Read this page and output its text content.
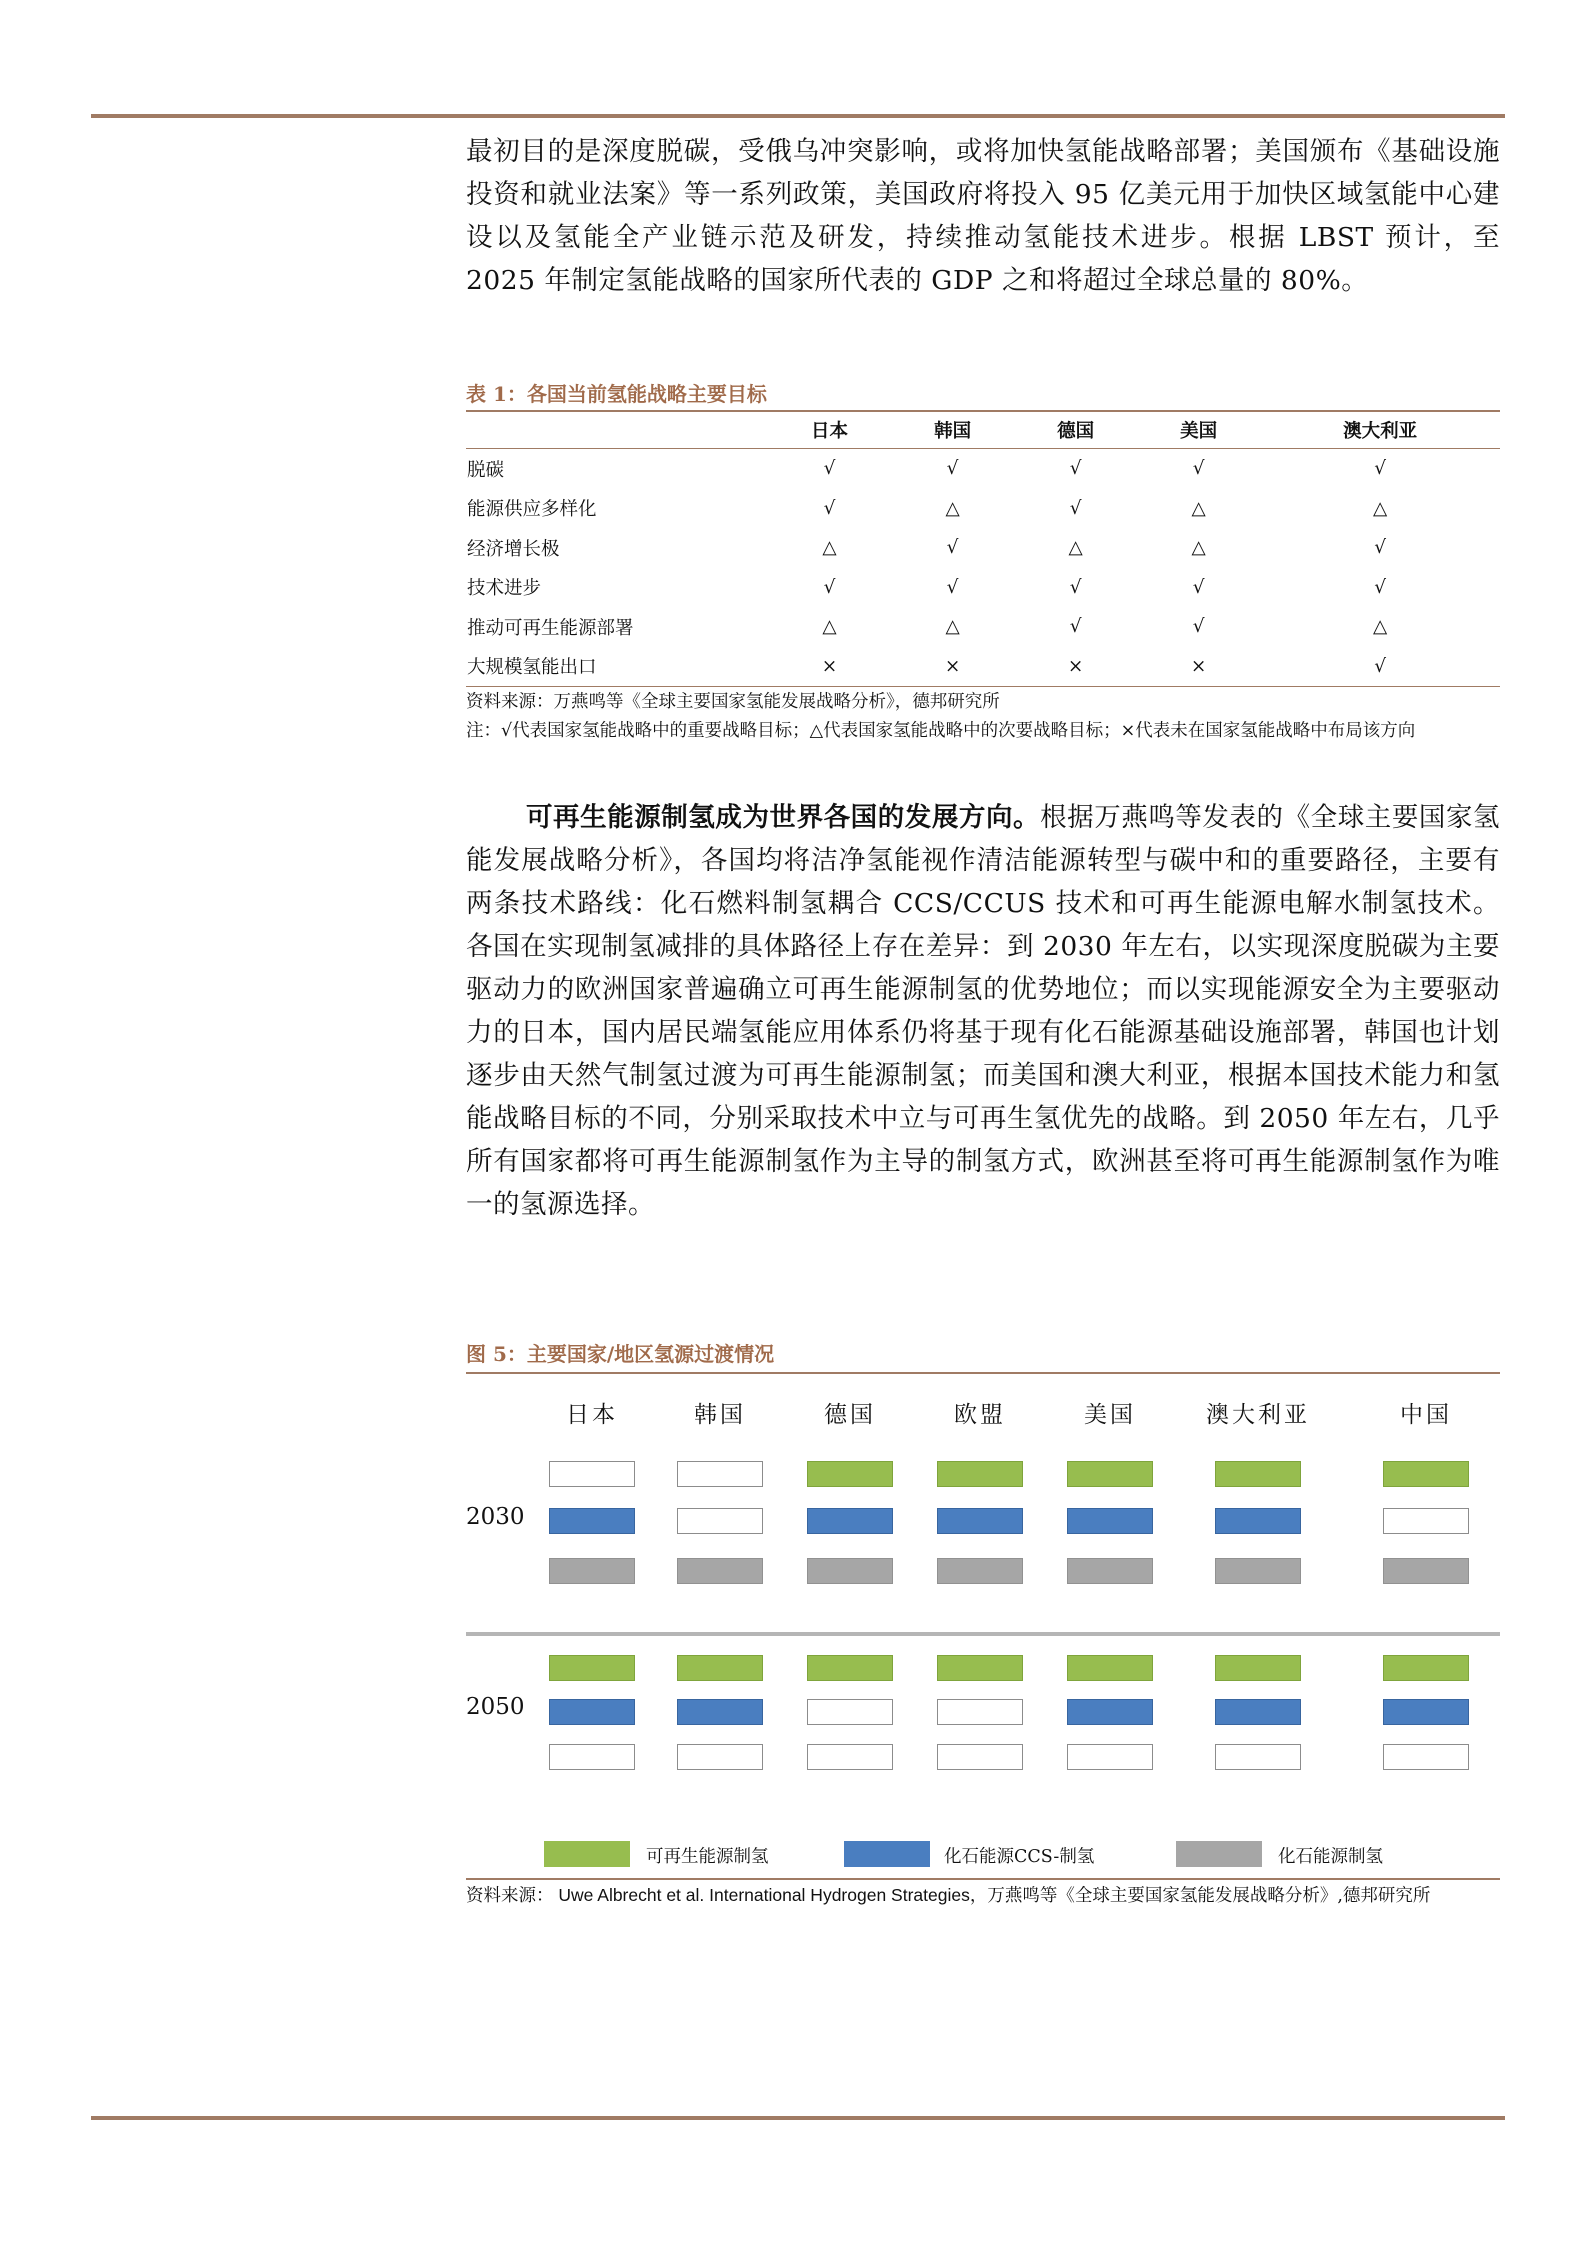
最初目的是深度脱碳，受俄乌冲突影响，或将加快氢能战略部署；美国颁布《基础设施投资和就业法案》等一系列政策，美国政府将投入 95 亿美元用于加快区域氢能中心建设以及氢能全产业链示范及研发，持续推动氢能技术进步。根据 LBST 预计，至 2025 年制定氢能战略的国家所代表的 GDP 之和将超过全球总量的 80%。

表 1：各国当前氢能战略主要目标
	日本	韩国	德国	美国	澳大利亚
脱碳	√	√	√	√	√
能源供应多样化	√	△	√	△	△
经济增长极	△	√	△	△	√
技术进步	√	√	√	√	√
推动可再生能源部署	△	△	√	√	△
大规模氢能出口	×	×	×	×	√
资料来源：万燕鸣等《全球主要国家氢能发展战略分析》，德邦研究所
注：√代表国家氢能战略中的重要战略目标；△代表国家氢能战略中的次要战略目标；×代表未在国家氢能战略中布局该方向

可再生能源制氢成为世界各国的发展方向。根据万燕鸣等发表的《全球主要国家氢能发展战略分析》，各国均将洁净氢能视作清洁能源转型与碳中和的重要路径，主要有两条技术路线：化石燃料制氢耦合 CCS/CCUS 技术和可再生能源电解水制氢技术。各国在实现制氢减排的具体路径上存在差异：到 2030 年左右，以实现深度脱碳为主要驱动力的欧洲国家普遍确立可再生能源制氢的优势地位；而以实现能源安全为主要驱动力的日本，国内居民端氢能应用体系仍将基于现有化石能源基础设施部署，韩国也计划逐步由天然气制氢过渡为可再生能源制氢；而美国和澳大利亚，根据本国技术能力和氢能战略目标的不同，分别采取技术中立与可再生氢优先的战略。到 2050 年左右，几乎所有国家都将可再生能源制氢作为主导的制氢方式，欧洲甚至将可再生能源制氢作为唯一的氢源选择。

图 5：主要国家/地区氢源过渡情况
日本	韩国	德国	欧盟	美国	澳大利亚	中国
2030
2050
可再生能源制氢	化石能源CCS-制氢	化石能源制氢
资料来源： Uwe Albrecht et al. International Hydrogen Strategies，万燕鸣等《全球主要国家氢能发展战略分析》,德邦研究所
